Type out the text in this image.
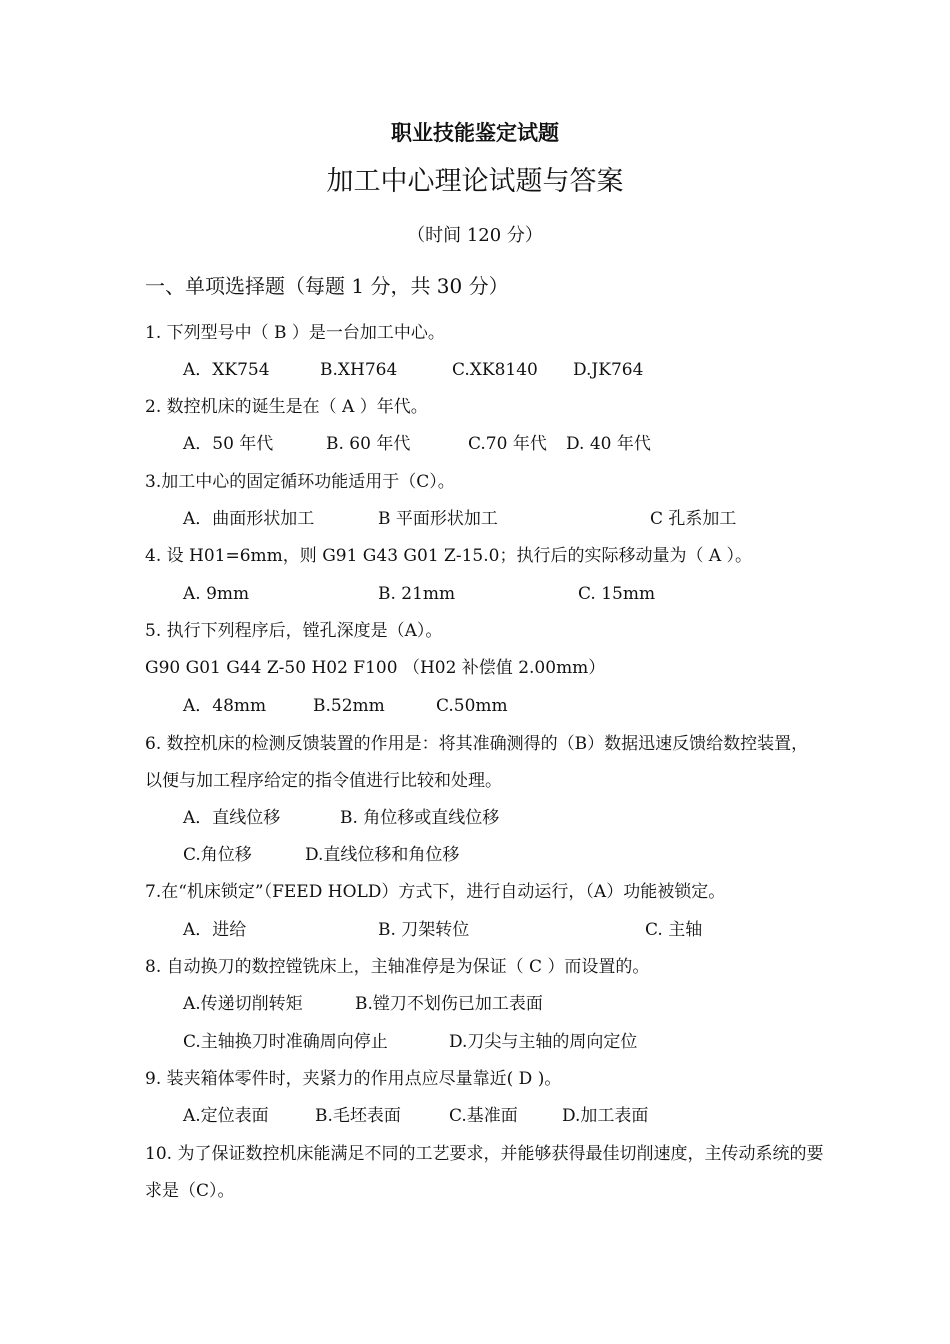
职业技能鉴定试题
加工中心理论试题与答案
（时间 120 分）
一、单项选择题（每题 1 分，共 30 分）
1. 下列型号中（ B ）是一台加工中心。
A．XK754	B.XH764	C.XK8140 D.JK764
2. 数控机床的诞生是在（ A ）年代。
A．50 年代	B. 60 年代	C.70 年代 D. 40 年代
3.加工中心的固定循环功能适用于（C）。
A．曲面形状加工	B 平面形状加工	C 孔系加工
4. 设 H01=6mm，则 G91 G43 G01 Z-15.0；执行后的实际移动量为（ A ）。
A. 9mm	B. 21mm	C. 15mm
5. 执行下列程序后，镗孔深度是（A）。
G90 G01 G44 Z-50 H02 F100 （H02 补偿值 2.00mm）
A．48mm	B.52mm	C.50mm
6. 数控机床的检测反馈装置的作用是：将其准确测得的（B）数据迅速反馈给数控装置，以便与加工程序给定的指令值进行比较和处理。
A．直线位移	B. 角位移或直线位移
C.角位移	D.直线位移和角位移
7.在“机床锁定”（FEED HOLD）方式下，进行自动运行，（A）功能被锁定。
A．进给	B. 刀架转位	C. 主轴
8. 自动换刀的数控镗铣床上，主轴准停是为保证（ C ）而设置的。
A.传递切削转矩	B.镗刀不划伤已加工表面
C.主轴换刀时准确周向停止	D.刀尖与主轴的周向定位
9. 装夹箱体零件时，夹紧力的作用点应尽量靠近( D )。
A.定位表面	B.毛坯表面	C.基准面	D.加工表面
10. 为了保证数控机床能满足不同的工艺要求，并能够获得最佳切削速度，主传动系统的要求是（C）。
